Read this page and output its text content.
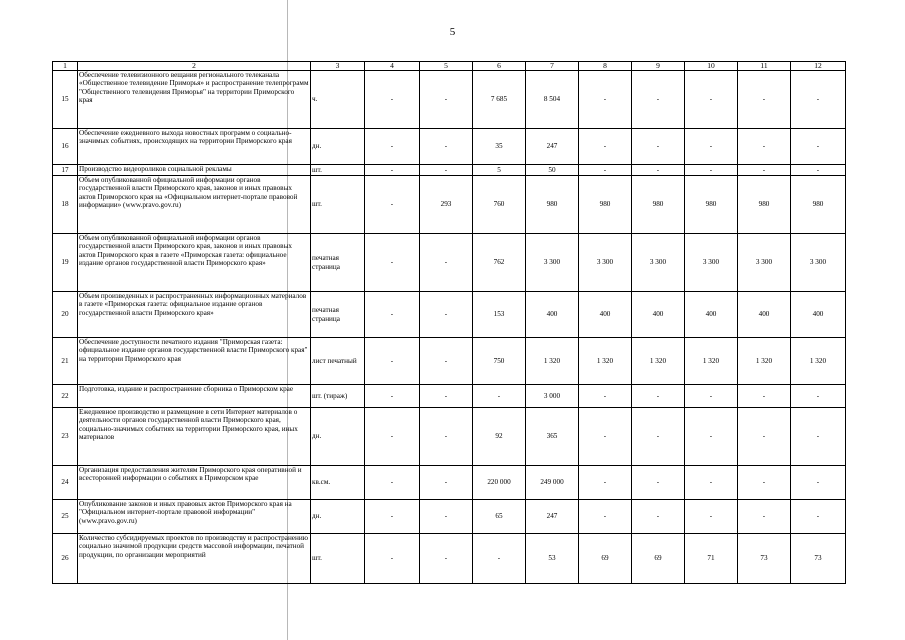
5
1	2	3	4	5	6	7	8	9	10	11	12
15	Обеспечение телевизионного вещания регионального телеканала «Общественное телевидение Приморья» и распространение телепрограмм "Общественного телевидения Приморья" на территории Приморского края	ч.	-	-	7 685	8 504	-	-	-	-	-
16	Обеспечение ежедневного выхода новостных программ о социально-значимых событиях, происходящих на территории Приморского края	дн.	-	-	35	247	-	-	-	-	-
17	Производство видеороликов социальной рекламы	шт.	-	-	5	50	-	-	-	-	-
18	Объем опубликованной официальной информации органов государственной власти Приморского края, законов и иных правовых актов Приморского края на «Официальном интернет-портале правовой информации» (www.pravo.gov.ru)	шт.	-	293	760	980	980	980	980	980	980
19	Объем опубликованной официальной информации органов государственной власти Приморского края, законов и иных правовых актов Приморского края в газете «Приморская газета: официальное издание органов государственной власти Приморского края»	печатная страница	-	-	762	3 300	3 300	3 300	3 300	3 300	3 300
20	Объем произведенных и распространенных информационных материалов в газете «Приморская газета: официальное издание органов государственной власти Приморского края»	печатная страница	-	-	153	400	400	400	400	400	400
21	Обеспечение доступности печатного издания "Приморская газета: официальное издание органов государственной власти Приморского края" на территории Приморского края	лист печатный	-	-	750	1 320	1 320	1 320	1 320	1 320	1 320
22	Подготовка, издание и распространение сборника о Приморском крае	шт. (тираж)	-	-	-	3 000	-	-	-	-	-
23	Ежедневное производство и размещение в сети Интернет материалов о деятельности органов государственной власти Приморского края, социально-значимых событиях на территории Приморского края, иных материалов	дн.	-	-	92	365	-	-	-	-	-
24	Организация предоставления жителям Приморского края оперативной и всесторонней информации о событиях в Приморском крае	кв.см.	-	-	220 000	249 000	-	-	-	-	-
25	Опубликование законов и иных правовых актов Приморского края на "Официальном интернет-портале правовой информации" (www.pravo.gov.ru)	дн.	-	-	65	247	-	-	-	-	-
26	Количество субсидируемых проектов по производству и распространению социально значимой продукции средств массовой информации, печатной продукции, по организации мероприятий	шт.	-	-	-	53	69	69	71	73	73
